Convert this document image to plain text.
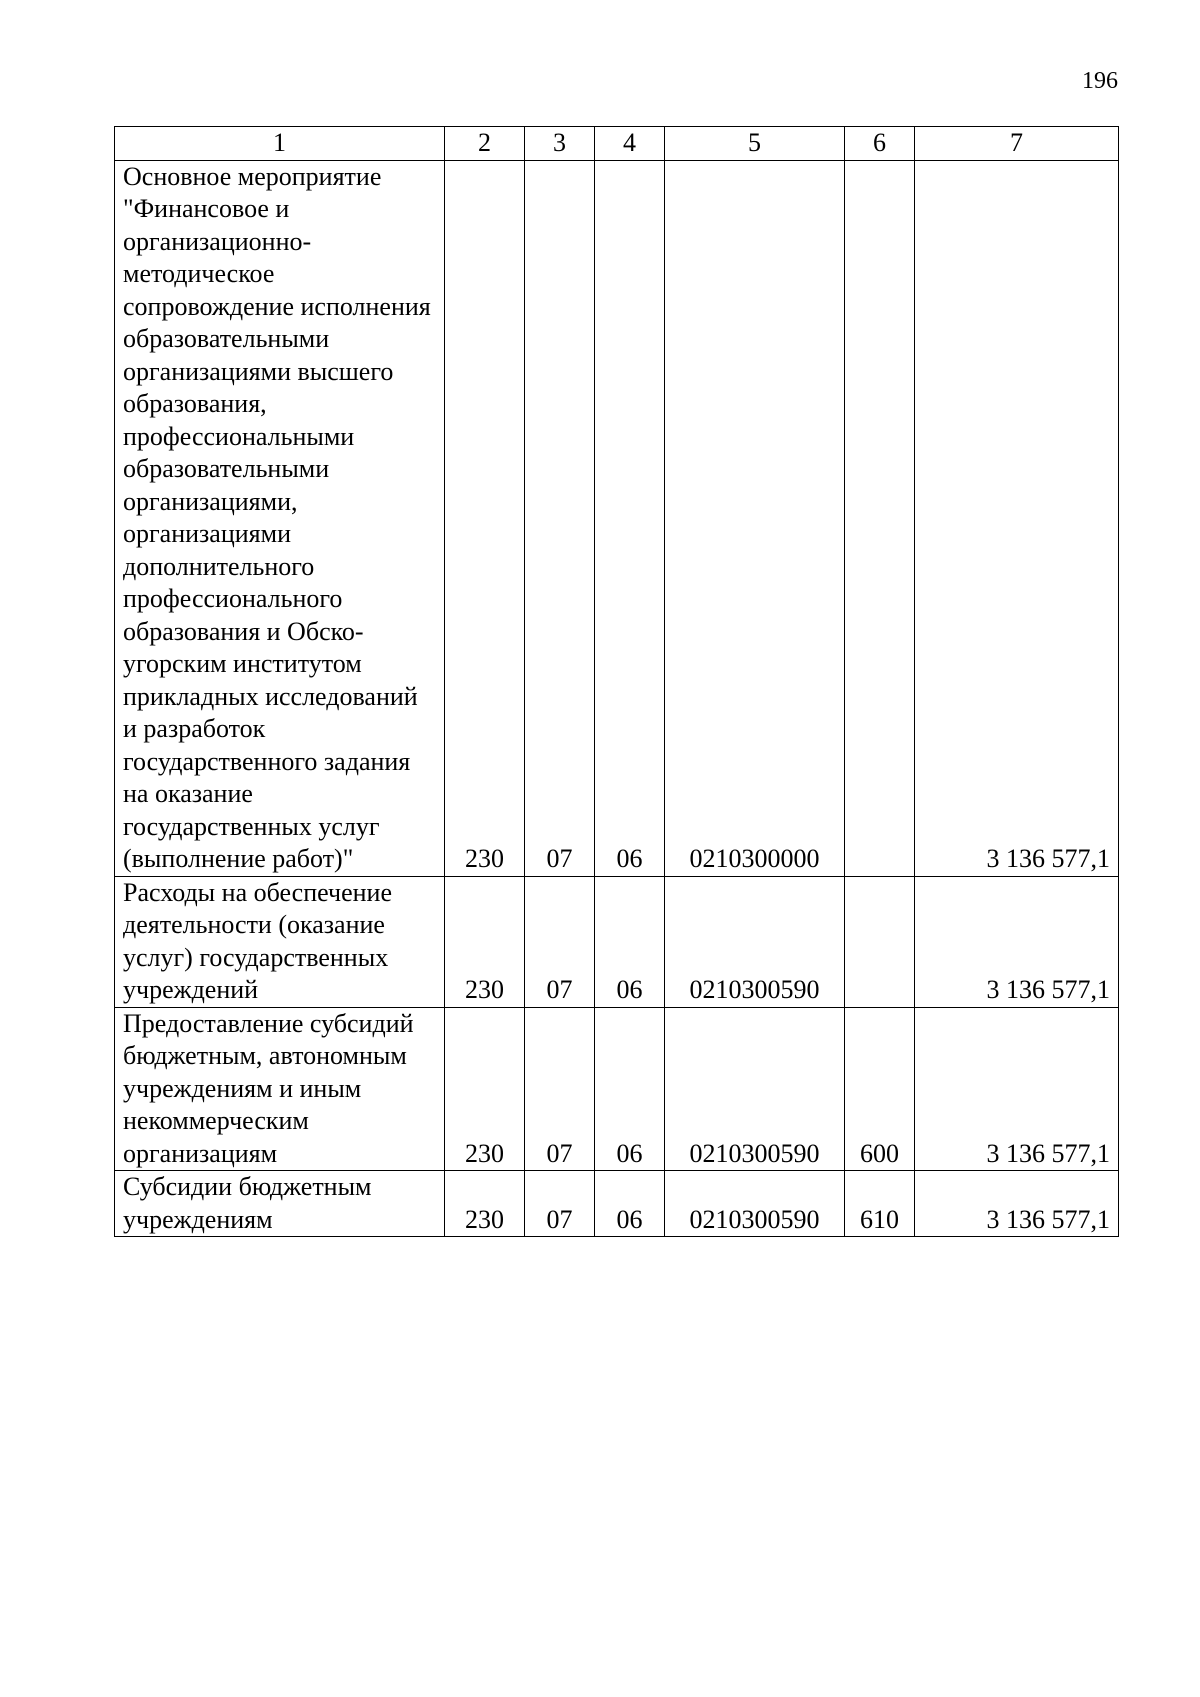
196
1	2	3	4	5	6	7
Основное мероприятие "Финансовое и организационно-методическое сопровождение исполнения образовательными организациями высшего образования, профессиональными образовательными организациями, организациями дополнительного профессионального образования и Обско-угорским институтом прикладных исследований и разработок государственного задания на оказание государственных услуг (выполнение работ)"	230	07	06	0210300000		3 136 577,1
Расходы на обеспечение деятельности (оказание услуг) государственных учреждений	230	07	06	0210300590		3 136 577,1
Предоставление субсидий бюджетным, автономным учреждениям и иным некоммерческим организациям	230	07	06	0210300590	600	3 136 577,1
Субсидии бюджетным учреждениям	230	07	06	0210300590	610	3 136 577,1
